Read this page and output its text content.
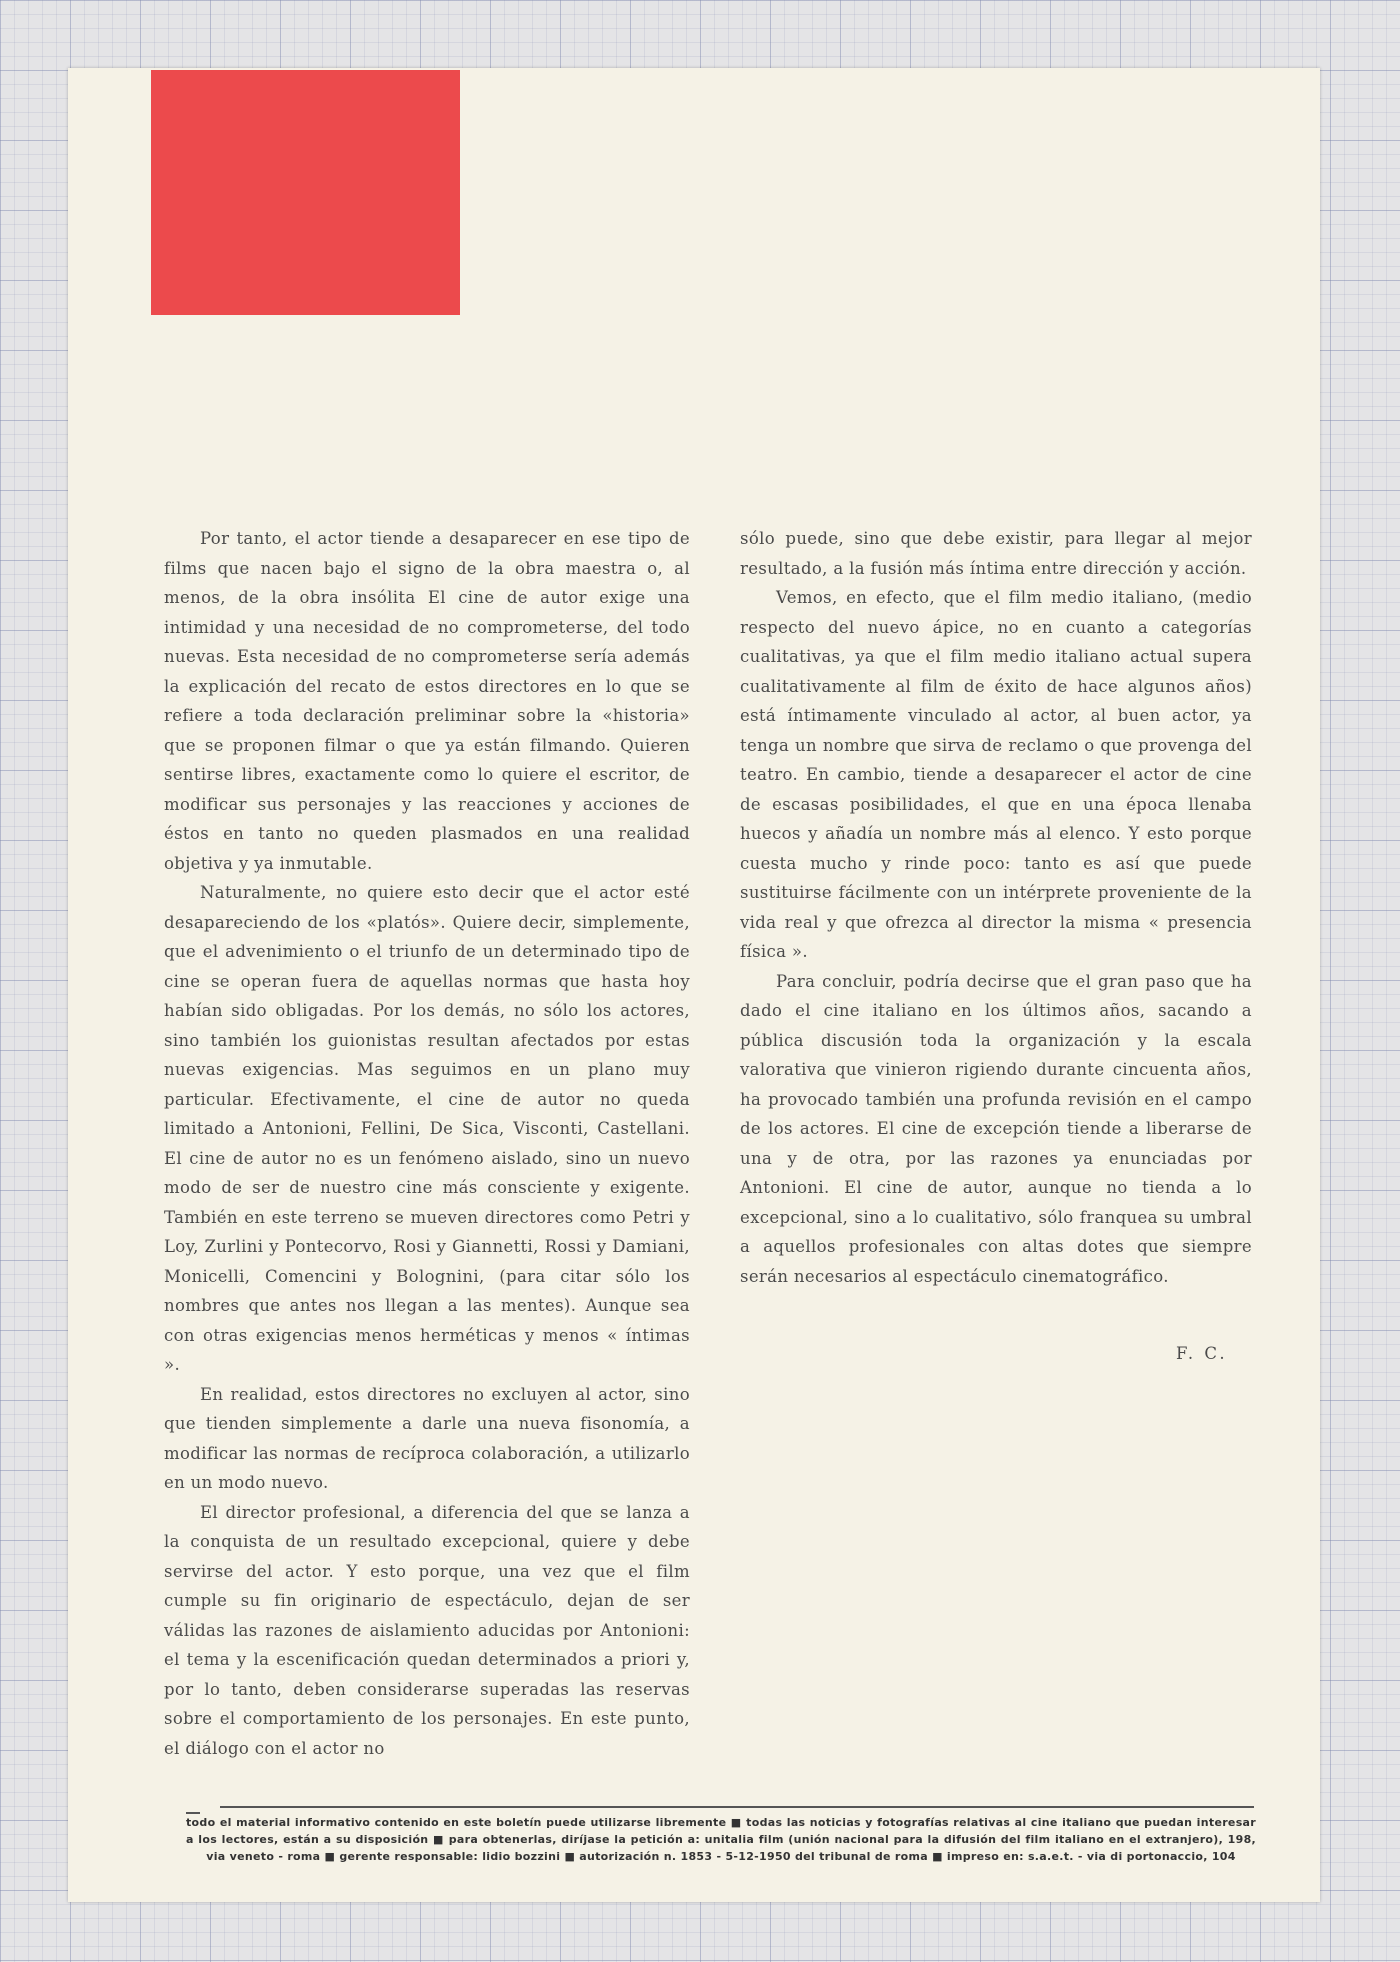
Por tanto, el actor tiende a desaparecer en ese tipo de films que nacen bajo el signo de la obra maestra o, al menos, de la obra insólita El cine de autor exige una intimidad y una necesidad de no comprometerse, del todo nuevas. Esta necesidad de no comprometerse sería además la explicación del recato de estos directores en lo que se refiere a toda declaración preliminar sobre la «historia» que se proponen filmar o que ya están filmando. Quieren sentirse libres, exactamente como lo quiere el escritor, de modificar sus personajes y las reacciones y acciones de éstos en tanto no queden plasmados en una realidad objetiva y ya inmutable.

Naturalmente, no quiere esto decir que el actor esté desapareciendo de los «platós». Quiere decir, simplemente, que el advenimiento o el triunfo de un determinado tipo de cine se operan fuera de aquellas normas que hasta hoy habían sido obligadas. Por los demás, no sólo los actores, sino también los guionistas resultan afectados por estas nuevas exigencias. Mas seguimos en un plano muy particular. Efectivamente, el cine de autor no queda limitado a Antonioni, Fellini, De Sica, Visconti, Castellani. El cine de autor no es un fenómeno aislado, sino un nuevo modo de ser de nuestro cine más consciente y exigente. También en este terreno se mueven directores como Petri y Loy, Zurlini y Pontecorvo, Rosi y Giannetti, Rossi y Damiani, Monicelli, Comencini y Bolognini, (para citar sólo los nombres que antes nos llegan a las mentes). Aunque sea con otras exigencias menos herméticas y menos « íntimas ».

En realidad, estos directores no excluyen al actor, sino que tienden simplemente a darle una nueva fisonomía, a modificar las normas de recíproca colaboración, a utilizarlo en un modo nuevo.

El director profesional, a diferencia del que se lanza a la conquista de un resultado excepcional, quiere y debe servirse del actor. Y esto porque, una vez que el film cumple su fin originario de espectáculo, dejan de ser válidas las razones de aislamiento aducidas por Antonioni: el tema y la escenificación quedan determinados a priori y, por lo tanto, deben considerarse superadas las reservas sobre el comportamiento de los personajes. En este punto, el diálogo con el actor no

sólo puede, sino que debe existir, para llegar al mejor resultado, a la fusión más íntima entre dirección y acción.

Vemos, en efecto, que el film medio italiano, (medio respecto del nuevo ápice, no en cuanto a categorías cualitativas, ya que el film medio italiano actual supera cualitativamente al film de éxito de hace algunos años) está íntimamente vinculado al actor, al buen actor, ya tenga un nombre que sirva de reclamo o que provenga del teatro. En cambio, tiende a desaparecer el actor de cine de escasas posibilidades, el que en una época llenaba huecos y añadía un nombre más al elenco. Y esto porque cuesta mucho y rinde poco: tanto es así que puede sustituirse fácilmente con un intérprete proveniente de la vida real y que ofrezca al director la misma « presencia física ».

Para concluir, podría decirse que el gran paso que ha dado el cine italiano en los últimos años, sacando a pública discusión toda la organización y la escala valorativa que vinieron rigiendo durante cincuenta años, ha provocado también una profunda revisión en el campo de los actores. El cine de excepción tiende a liberarse de una y de otra, por las razones ya enunciadas por Antonioni. El cine de autor, aunque no tienda a lo excepcional, sino a lo cualitativo, sólo franquea su umbral a aquellos profesionales con altas dotes que siempre serán necesarios al espectáculo cinematográfico.

F. C.
todo el material informativo contenido en este boletín puede utilizarse libremente ■ todas las noticias y fotografías relativas al cine italiano que puedan interesar a los lectores, están a su disposición ■ para obtenerlas, diríjase la petición a: unitalia film (unión nacional para la difusión del film italiano en el extranjero), 198, via veneto - roma ■ gerente responsable: lidio bozzini ■ autorización n. 1853 - 5-12-1950 del tribunal de roma ■ impreso en: s.a.e.t. - via di portonaccio, 104
